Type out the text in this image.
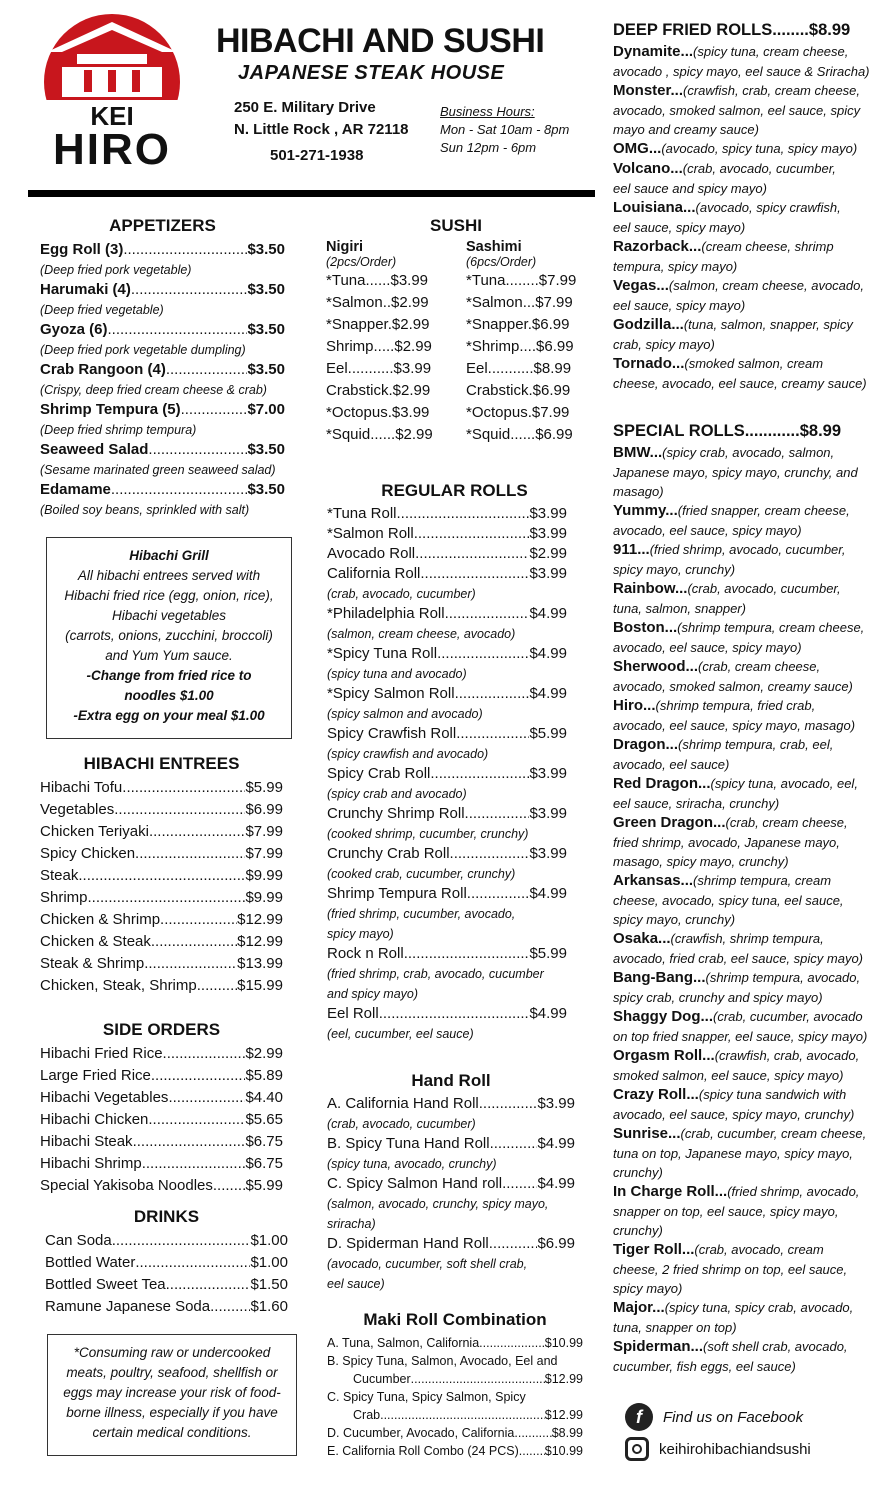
KEI
HIRO
HIBACHI AND SUSHI
JAPANESE STEAK HOUSE
250 E. Military Drive
N. Little Rock , AR 72118
501-271-1938
Business Hours:
Mon - Sat 10am - 8pm
Sun 12pm - 6pm
APPETIZERS
Egg Roll (3) .....	$3.50
(Deep fried pork vegetable)
Harumaki (4) .....	$3.50
(Deep fried vegetable)
Gyoza (6) .....	$3.50
(Deep fried pork vegetable dumpling)
Crab Rangoon (4) .....	$3.50
(Crispy, deep fried cream cheese & crab)
Shrimp Tempura (5) .....	$7.00
(Deep fried shrimp tempura)
Seaweed Salad .....	$3.50
(Sesame marinated green seaweed salad)
Edamame .....	$3.50
(Boiled soy beans, sprinkled with salt)
Hibachi Grill
All hibachi entrees served with
Hibachi fried rice (egg, onion, rice),
Hibachi vegetables
(carrots, onions, zucchini, broccoli)
and Yum Yum sauce.
-Change from fried rice to
noodles $1.00
-Extra egg on your meal $1.00
HIBACHI ENTREES
Hibachi Tofu .....	$5.99
Vegetables .....	$6.99
Chicken Teriyaki .....	$7.99
Spicy Chicken .....	$7.99
Steak .....	$9.99
Shrimp .....	$9.99
Chicken & Shrimp .....	$12.99
Chicken & Steak .....	$12.99
Steak & Shrimp .....	$13.99
Chicken, Steak, Shrimp .....	$15.99
SIDE ORDERS
Hibachi Fried Rice .....	$2.99
Large Fried Rice .....	$5.89
Hibachi Vegetables .....	$4.40
Hibachi Chicken .....	$5.65
Hibachi Steak .....	$6.75
Hibachi Shrimp .....	$6.75
Special Yakisoba Noodles ..... $5.99
DRINKS
Can Soda .....	$1.00
Bottled Water .....	$1.00
Bottled Sweet Tea .....	$1.50
Ramune Japanese Soda .....	$1.60
*Consuming raw or undercooked
meats, poultry, seafood, shellfish or
eggs may increase your risk of food-
borne illness, especially if you have
certain medical conditions.
SUSHI
Nigiri	Sashimi
(2pcs/Order)	(6pcs/Order)
*Tuna......$3.99	*Tuna........$7.99
*Salmon..$2.99	*Salmon...$7.99
*Snapper.$2.99	*Snapper.$6.99
Shrimp.....$2.99	*Shrimp....$6.99
Eel...........$3.99	Eel...........$8.99
Crabstick.$2.99	Crabstick.$6.99
*Octopus.$3.99	*Octopus.$7.99
*Squid......$2.99	*Squid......$6.99
REGULAR ROLLS
*Tuna Roll .....	$3.99
*Salmon Roll .....	$3.99
Avocado Roll .....	$2.99
California Roll .....	$3.99
(crab, avocado, cucumber)
*Philadelphia Roll .....	$4.99
(salmon, cream cheese, avocado)
*Spicy Tuna Roll .....	$4.99
(spicy tuna and avocado)
*Spicy Salmon Roll .....	$4.99
(spicy salmon and avocado)
Spicy Crawfish Roll .....	$5.99
(spicy crawfish and avocado)
Spicy Crab Roll .....	$3.99
(spicy crab and avocado)
Crunchy Shrimp Roll .....	$3.99
(cooked shrimp, cucumber, crunchy)
Crunchy Crab Roll .....	$3.99
(cooked crab, cucumber, crunchy)
Shrimp Tempura Roll .....	$4.99
(fried shrimp, cucumber, avocado,
spicy mayo)
Rock n Roll .....	$5.99
(fried shrimp, crab, avocado, cucumber
and spicy mayo)
Eel Roll .....	$4.99
(eel, cucumber, eel sauce)
Hand Roll
A. California Hand Roll .....	$3.99
(crab, avocado, cucumber)
B. Spicy Tuna Hand Roll .....	$4.99
(spicy tuna, avocado, crunchy)
C. Spicy Salmon Hand roll ..... $4.99
(salmon, avocado, crunchy, spicy mayo,
sriracha)
D. Spiderman Hand Roll .....	$6.99
(avocado, cucumber, soft shell crab,
eel sauce)
Maki Roll Combination
A. Tuna, Salmon, California .....	$10.99
B. Spicy Tuna, Salmon, Avocado, Eel and
Cucumber .....	$12.99
C. Spicy Tuna, Spicy Salmon, Spicy
Crab .....	$12.99
D. Cucumber, Avocado, California .....	$8.99
E. California Roll Combo (24 PCS) ..... $10.99
DEEP FRIED ROLLS........$8.99
Dynamite...(spicy tuna, cream cheese,
avocado , spicy mayo, eel sauce & Sriracha)
Monster...(crawfish, crab, cream cheese,
avocado, smoked salmon, eel sauce, spicy
mayo and creamy sauce)
OMG...(avocado, spicy tuna, spicy mayo)
Volcano...(crab, avocado, cucumber,
eel sauce and spicy mayo)
Louisiana...(avocado, spicy crawfish,
eel sauce, spicy mayo)
Razorback...(cream cheese, shrimp
tempura, spicy mayo)
Vegas...(salmon, cream cheese, avocado,
eel sauce, spicy mayo)
Godzilla...(tuna, salmon, snapper, spicy
crab, spicy mayo)
Tornado...(smoked salmon, cream
cheese, avocado, eel sauce, creamy sauce)
SPECIAL ROLLS............$8.99
BMW...(spicy crab, avocado, salmon,
Japanese mayo, spicy mayo, crunchy, and
masago)
Yummy...(fried snapper, cream cheese,
avocado, eel sauce, spicy mayo)
911...(fried shrimp, avocado, cucumber,
spicy mayo, crunchy)
Rainbow...(crab, avocado, cucumber,
tuna, salmon, snapper)
Boston...(shrimp tempura, cream cheese,
avocado, eel sauce, spicy mayo)
Sherwood...(crab, cream cheese,
avocado, smoked salmon, creamy sauce)
Hiro...(shrimp tempura, fried crab,
avocado, eel sauce, spicy mayo, masago)
Dragon...(shrimp tempura, crab, eel,
avocado, eel sauce)
Red Dragon...(spicy tuna, avocado, eel,
eel sauce, sriracha, crunchy)
Green Dragon...(crab, cream cheese,
fried shrimp, avocado, Japanese mayo,
masago, spicy mayo, crunchy)
Arkansas...(shrimp tempura, cream
cheese, avocado, spicy tuna, eel sauce,
spicy mayo, crunchy)
Osaka...(crawfish, shrimp tempura,
avocado, fried crab, eel sauce, spicy mayo)
Bang-Bang...(shrimp tempura, avocado,
spicy crab, crunchy and spicy mayo)
Shaggy Dog...(crab, cucumber, avocado
on top fried snapper, eel sauce, spicy mayo)
Orgasm Roll...(crawfish, crab, avocado,
smoked salmon, eel sauce, spicy mayo)
Crazy Roll...(spicy tuna sandwich with
avocado, eel sauce, spicy mayo, crunchy)
Sunrise...(crab, cucumber, cream cheese,
tuna on top, Japanese mayo, spicy mayo,
crunchy)
In Charge Roll...(fried shrimp, avocado,
snapper on top, eel sauce, spicy mayo,
crunchy)
Tiger Roll...(crab, avocado, cream
cheese, 2 fried shrimp on top, eel sauce,
spicy mayo)
Major...(spicy tuna, spicy crab, avocado,
tuna, snapper on top)
Spiderman...(soft shell crab, avocado,
cucumber, fish eggs, eel sauce)
f	Find us on Facebook
keihirohibachiandsushi
